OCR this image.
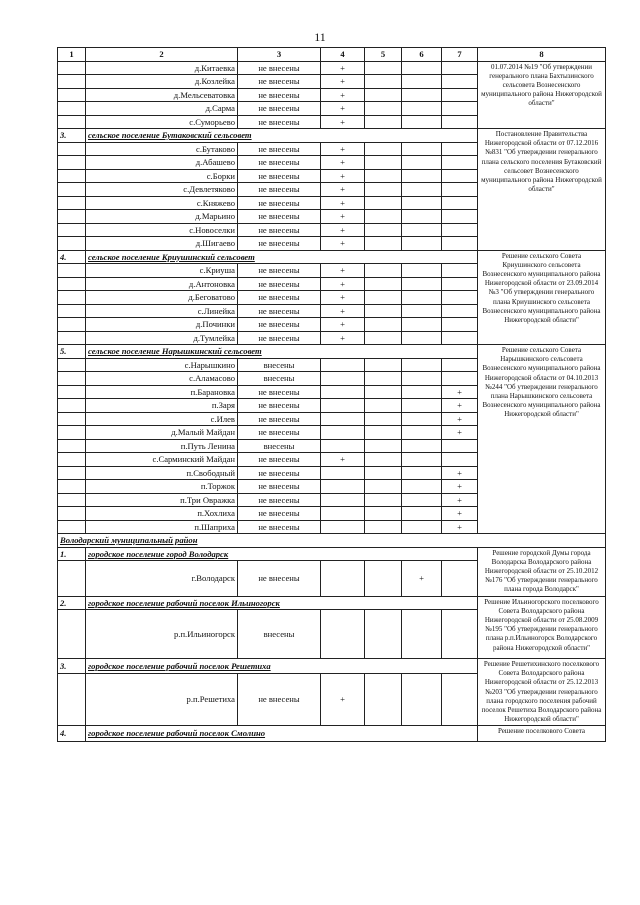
11
1	2	3	4	5	6	7	8
	д.Китаевка	не внесены	+				01.07.2014 №19 "Об утверждении генерального плана Бахтызинского сельсовета Вознесенского муниципального района Нижегородской области"
	д.Козлейка	не внесены	+				
	д.Мельсеватовка	не внесены	+				
	д.Сарма	не внесены	+				
	с.Суморьево	не внесены	+				
3.	сельское поселение Бутаковский сельсовет						Постановление Правительства Нижегородской области от 07.12.2016 №831 "Об утверждении генерального плана сельского поселения Бутаковский сельсовет Вознесенского муниципального района Нижегородской области"
	с.Бутаково	не внесены	+				
	д.Абашево	не внесены	+				
	с.Борки	не внесены	+				
	с.Девлетяково	не внесены	+				
	с.Княжево	не внесены	+				
	д.Марьино	не внесены	+				
	с.Новоселки	не внесены	+				
	д.Шигаево	не внесены	+				
4.	сельское поселение Криушинский сельсовет						Решение сельского Совета Криушинского сельсовета Вознесенского муниципального района Нижегородской области от 23.09.2014 №3 "Об утверждении генерального плана Криушинского сельсовета Вознесенского муниципального района Нижегородской области"
	с.Криуша	не внесены	+				
	д.Антоновка	не внесены	+				
	д.Беговатово	не внесены	+				
	с.Линейка	не внесены	+				
	д.Починки	не внесены	+				
	д.Тумлейка	не внесены	+				
5.	сельское поселение Нарышкинский сельсовет						Решение сельского Совета Нарышкинского сельсовета Вознесенского муниципального района Нижегородской области от 04.10.2013 №244 "Об утверждении генерального плана Нарышкинского сельсовета Вознесенского муниципального района Нижегородской области"
	с.Нарышкино	внесены					
	с.Аламасово	внесены					
	п.Барановка	не внесены				+	
	п.Заря	не внесены				+	
	с.Илев	не внесены				+	
	д.Малый Майдан	не внесены				+	
	п.Путь Ленина	внесены					
	с.Сарминский Майдан	не внесены	+				
	п.Свободный	не внесены				+	
	п.Торжок	не внесены				+	
	п.Три Овражка	не внесены				+	
	п.Хохлиха	не внесены				+	
	п.Шаприха	не внесены				+	
Володарский муниципальный район							
1.	городское поселение город Володарск						Решение городской Думы города Володарска Володарского района Нижегородской области от 25.10.2012 №176 "Об утверждении генерального плана города Володарск"
	г.Володарск	не внесены			+		
2.	городское поселение рабочий поселок Ильиногорск						Решение Ильиногорского поселкового Совета Володарского района Нижегородской области от 25.08.2009 №195 "Об утверждении генерального плана р.п.Ильиногорск Володарского района Нижегородской области"
	р.п.Ильиногорск	внесены					
3.	городское поселение рабочий поселок Решетиха						Решение Решетихинского поселкового Совета Володарского района Нижегородской области от 25.12.2013 №203 "Об утверждении генерального плана городского поселения рабочий поселок Решетиха Володарского района Нижегородской области"
	р.п.Решетиха	не внесены	+				
4.	городское поселение рабочий поселок Смолино						Решение поселкового Совета
